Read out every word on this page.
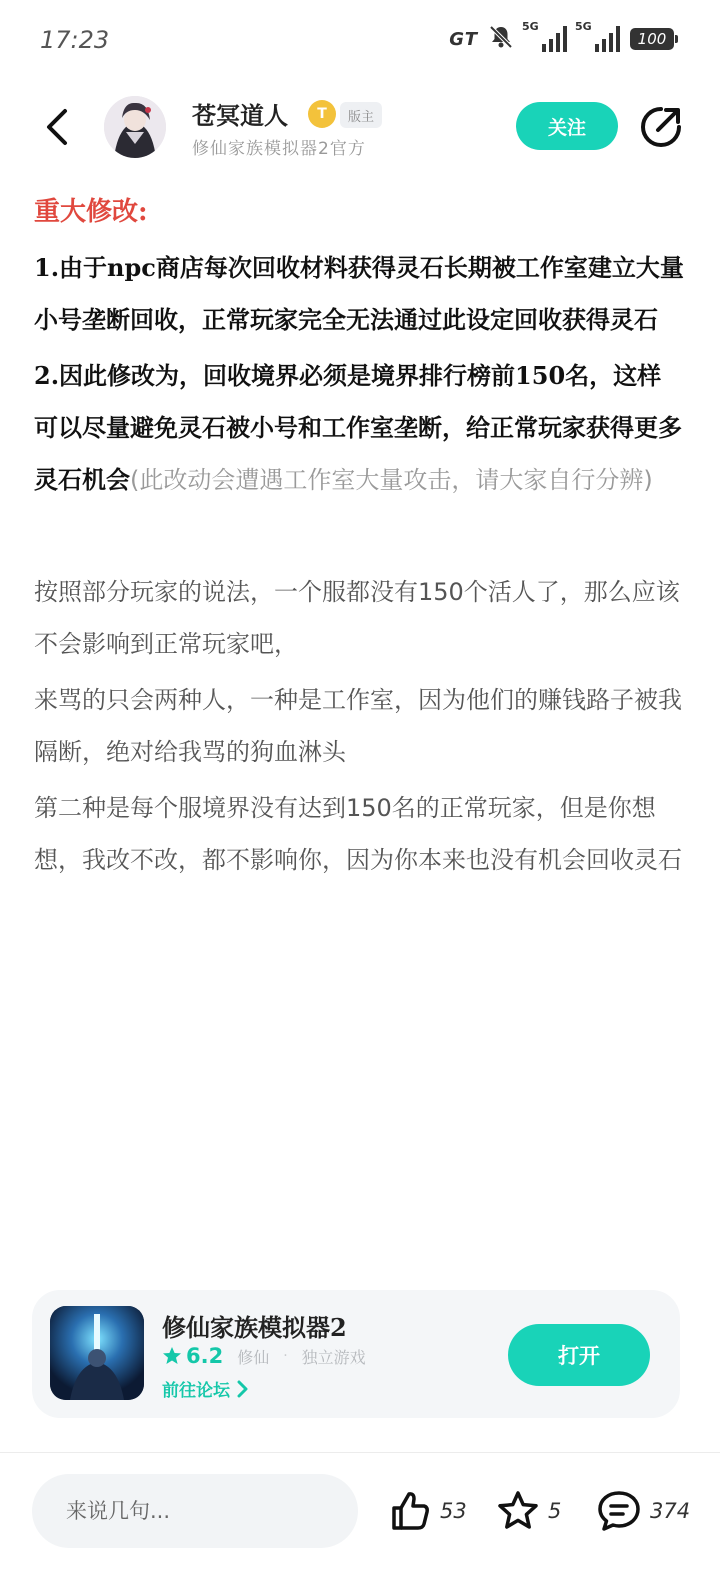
17:23	GT
5G	5G
100
苍冥道人	T	版主
修仙家族模拟器2官方
关注
重大修改:

1.由于npc商店每次回收材料获得灵石长期被工作室建立大量小号垄断回收，正常玩家完全无法通过此设定回收获得灵石

2.因此修改为，回收境界必须是境界排行榜前150名，这样可以尽量避免灵石被小号和工作室垄断，给正常玩家获得更多灵石机会(此改动会遭遇工作室大量攻击，请大家自行分辨)

按照部分玩家的说法，一个服都没有150个活人了，那么应该不会影响到正常玩家吧，

来骂的只会两种人，一种是工作室，因为他们的赚钱路子被我隔断，绝对给我骂的狗血淋头

第二种是每个服境界没有达到150名的正常玩家，但是你想想，我改不改，都不影响你，因为你本来也没有机会回收灵石

修仙家族模拟器2
6.2 修仙 · 独立游戏
前往论坛
打开
来说几句...
53	5	374
